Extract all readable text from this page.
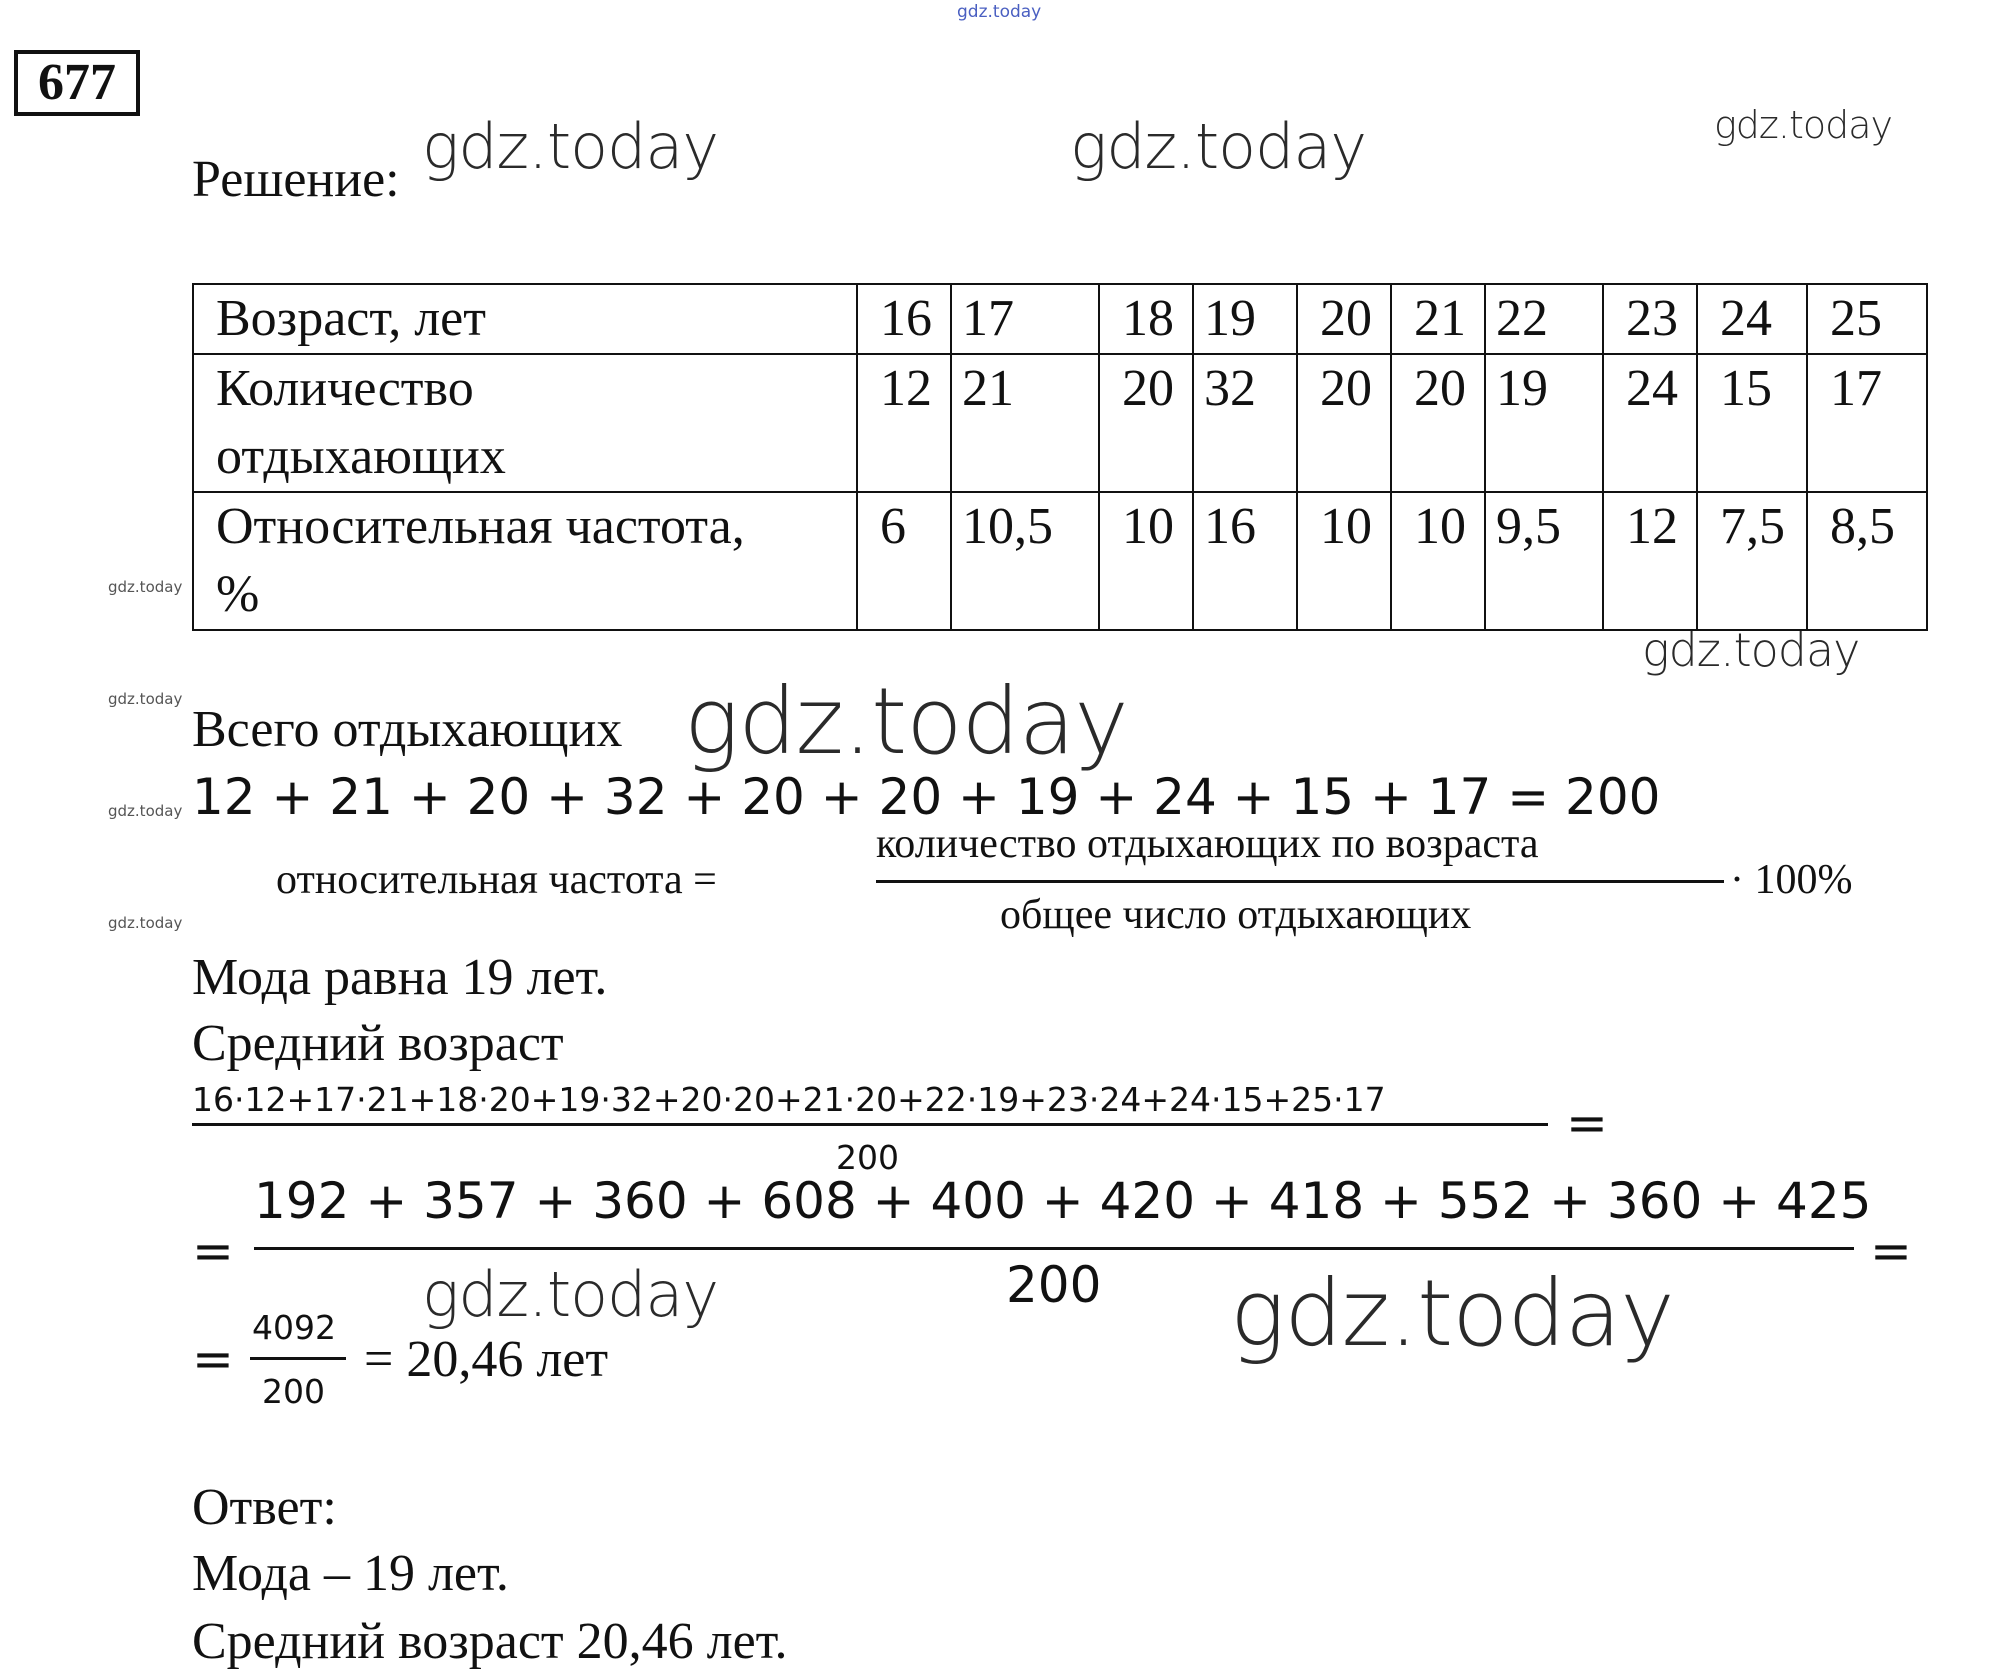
gdz.today
677
Решение: gdz.today	gdz.today	gdz.today
gdz.today
gdz.today
gdz.today	gdz.today
gdz.today
gdz.today
gdz.today
gdz.today
Возраст, лет	16	17	18	19	20	21	22	23	24	25
Количество
отдыхающих	12	21	20	32	20	20	19	24	15	17
Относительная частота,
%	6	10,5	10	16	10	10	9,5	12	7,5	8,5
Всего отдыхающих
12 + 21 + 20 + 32 + 20 + 20 + 19 + 24 + 15 + 17 = 200
относительная частота =
количество отдыхающих по возраста
общее число отдыхающих
· 100%
Мода равна 19 лет.
Средний возраст
16·12+17·21+18·20+19·32+20·20+21·20+22·19+23·24+24·15+25·17
200
=
=
192 + 357 + 360 + 608 + 400 + 420 + 418 + 552 + 360 + 425
200
=
=
4092
200
= 20,46 лет
Ответ:
Мода – 19 лет.
Средний возраст 20,46 лет.
